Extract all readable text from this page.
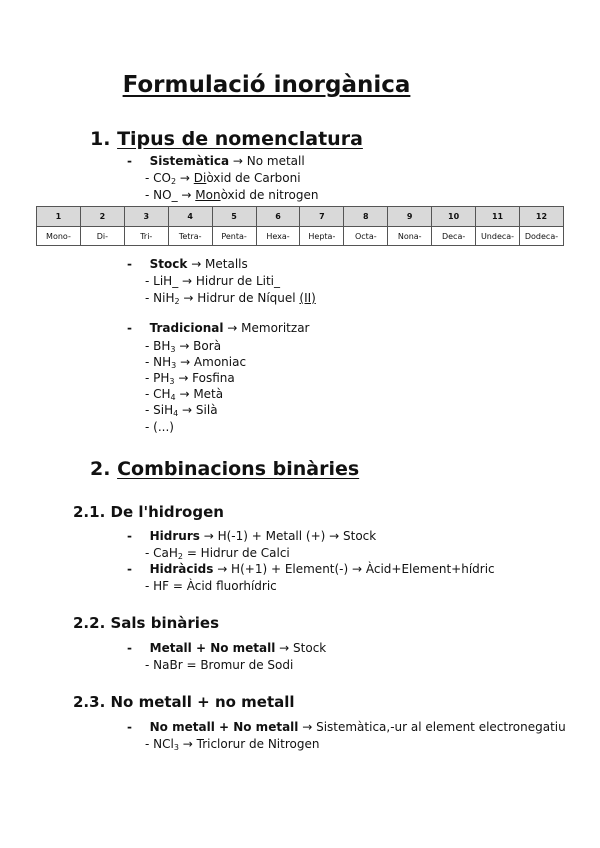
Formulació inorgànica
1. Tipus de nomenclatura
- Sistemàtica → No metall
- $CO_2$ → Diòxid de Carboni
- NO_ → Monòxid de nitrogen
1	2	3	4	5	6	7	8	9	10	11	12
Mono-	Di-	Tri-	Tetra-	Penta-	Hexa-	Hepta-	Octa-	Nona-	Deca-	Undeca-	Dodeca-
- Stock → Metalls
- LiH_ → Hidrur de Liti_
- NiH$_2$ → Hidrur de Níquel (II)
- Tradicional → Memoritzar
- $BH_3$ → Borà
- $NH_3$ → Amoniac
- $PH_3$ → Fosfina
- $CH_4$ → Metà
- SiH$_4$ → Silà
- (...)
2. Combinacions binàries
2.1. De l'hidrogen
- Hidrurs → H(-1) + Metall (+) → Stock
- CaH$_2$ = Hidrur de Calci
- Hidràcids → H(+1) + Element(-) → Àcid+Element+hídric
- HF = Àcid fluorhídric
2.2. Sals binàries
- Metall + No metall → Stock
- NaBr = Bromur de Sodi
2.3. No metall + no metall
- No metall + No metall → Sistemàtica,-ur al element electronegatiu
- NCl$_3$ → Triclorur de Nitrogen
